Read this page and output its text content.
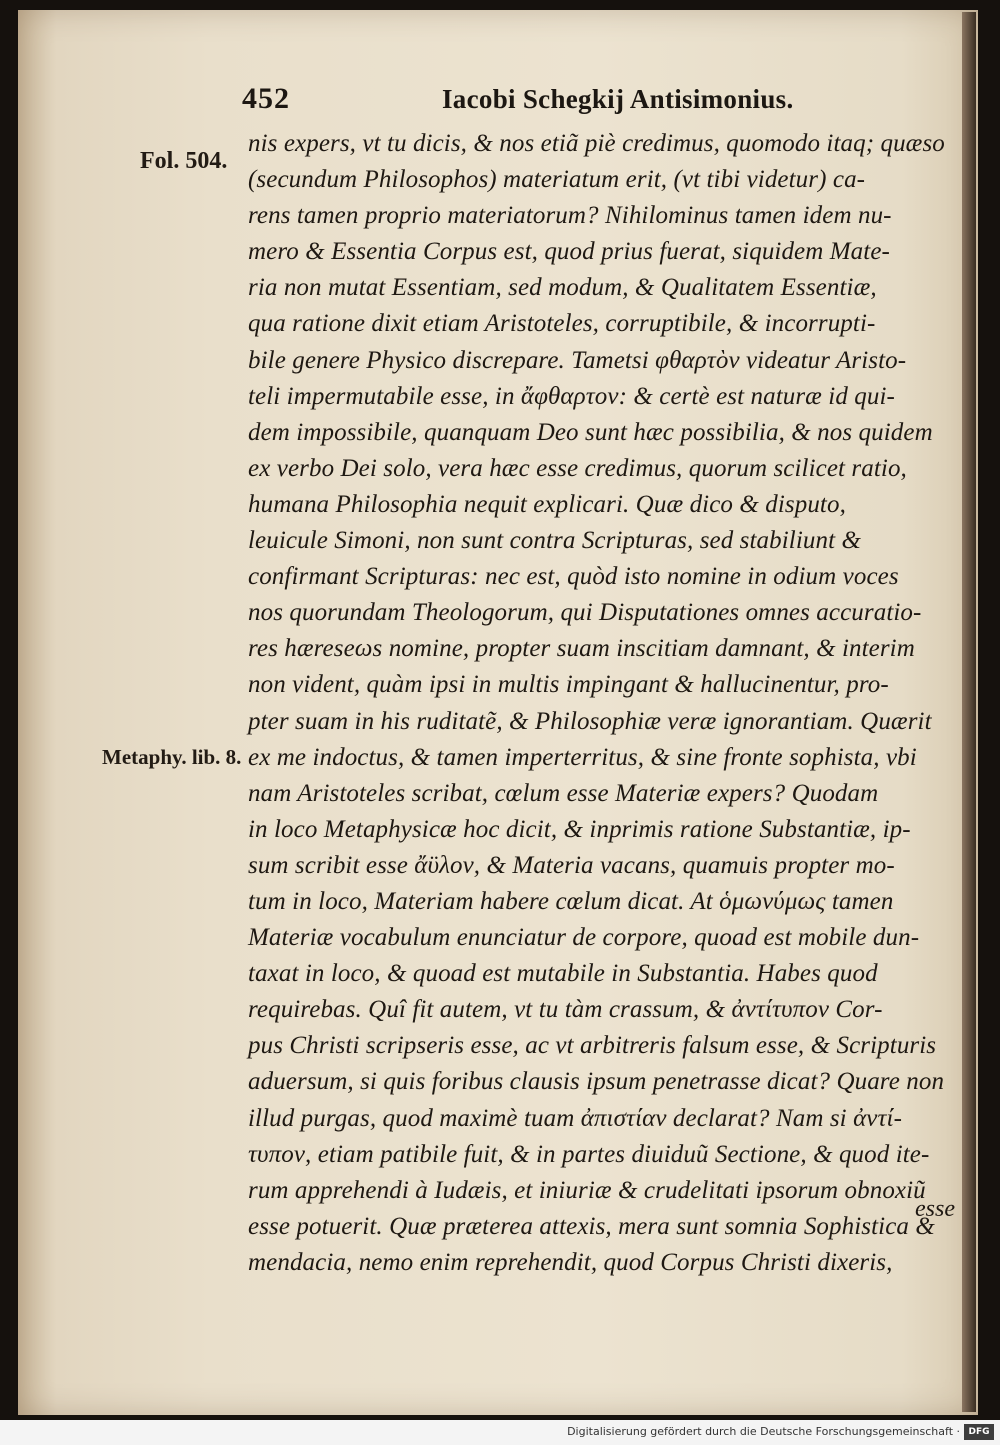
452	Iacobi Schegkij Antisimonius.
Fol. 504.
Metaphy. lib. 8.
nis expers, vt tu dicis, & nos etiã piè credimus, quomodo itaq; quæso
(secundum Philosophos) materiatum erit, (vt tibi videtur) ca-
rens tamen proprio materiatorum? Nihilominus tamen idem nu-
mero & Essentia Corpus est, quod prius fuerat, siquidem Mate-
ria non mutat Essentiam, sed modum, & Qualitatem Essentiæ,
qua ratione dixit etiam Aristoteles, corruptibile, & incorrupti-
bile genere Physico discrepare. Tametsi φθαρτὸν videatur Aristo-
teli impermutabile esse, in ἄφθαρτον: & certè est naturæ id qui-
dem impossibile, quanquam Deo sunt hæc possibilia, & nos quidem
ex verbo Dei solo, vera hæc esse credimus, quorum scilicet ratio,
humana Philosophia nequit explicari. Quæ dico & disputo,
leuicule Simoni, non sunt contra Scripturas, sed stabiliunt &
confirmant Scripturas: nec est, quòd isto nomine in odium voces
nos quorundam Theologorum, qui Disputationes omnes accuratio-
res hæreseωs nomine, propter suam inscitiam damnant, & interim
non vident, quàm ipsi in multis impingant & hallucinentur, pro-
pter suam in his ruditatẽ, & Philosophiæ veræ ignorantiam. Quærit
ex me indoctus, & tamen imperterritus, & sine fronte sophista, vbi
nam Aristoteles scribat, cœlum esse Materiæ expers? Quodam
in loco Metaphysicæ hoc dicit, & inprimis ratione Substantiæ, ip-
sum scribit esse ἄϋλον, & Materia vacans, quamuis propter mo-
tum in loco, Materiam habere cœlum dicat. At ὁμωνύμως tamen
Materiæ vocabulum enunciatur de corpore, quoad est mobile dun-
taxat in loco, & quoad est mutabile in Substantia. Habes quod
requirebas. Quî fit autem, vt tu tàm crassum, & ἀντίτυπον Cor-
pus Christi scripseris esse, ac vt arbitreris falsum esse, & Scripturis
aduersum, si quis foribus clausis ipsum penetrasse dicat? Quare non
illud purgas, quod maximè tuam ἀπιστίαν declarat? Nam si ἀντί-
τυπον, etiam patibile fuit, & in partes diuiduũ Sectione, & quod ite-
rum apprehendi à Iudæis, et iniuriæ & crudelitati ipsorum obnoxiũ
esse potuerit. Quæ præterea attexis, mera sunt somnia Sophistica &
mendacia, nemo enim reprehendit, quod Corpus Christi dixeris,
esse
Digitalisierung gefördert durch die Deutsche Forschungsgemeinschaft · DFG
